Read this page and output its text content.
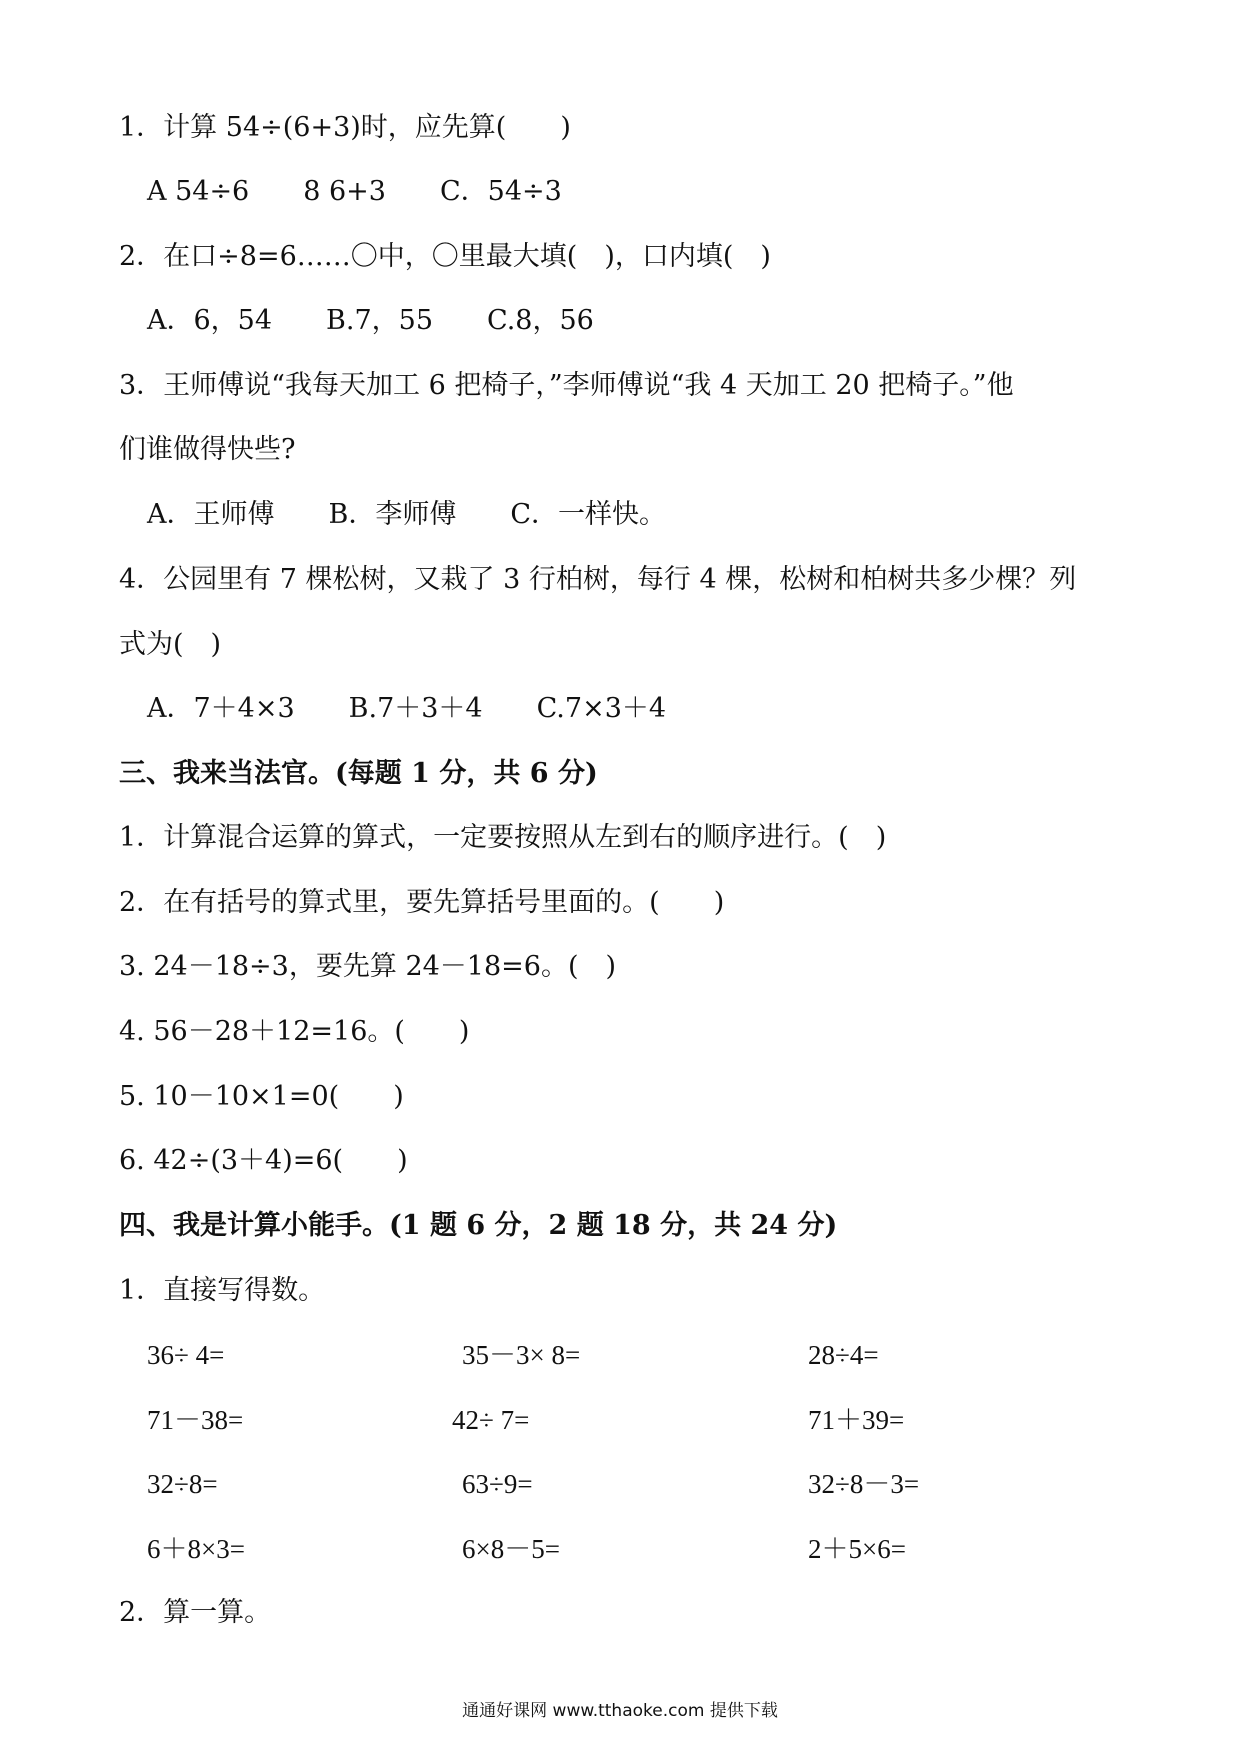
1．计算 54÷(6+3)时，应先算(　　)
A 54÷6　　8 6+3　　C．54÷3
2．在口÷8=6……〇中，〇里最大填(　)，口内填(　)
A．6，54　　B.7，55　　C.8，56
3．王师傅说“我每天加工 6 把椅子，”李师傅说“我 4 天加工 20 把椅子。”他
们谁做得快些?
A．王师傅　　B．李师傅　　C．一样快。
4．公园里有 7 棵松树，又栽了 3 行柏树，每行 4 棵，松树和柏树共多少棵？列
式为(　)
A．7＋4×3　　B.7＋3＋4　　C.7×3＋4
三、我来当法官。(每题 1 分，共 6 分)
1．计算混合运算的算式，一定要按照从左到右的顺序进行。(　)
2．在有括号的算式里，要先算括号里面的。(　　)
3. 24－18÷3，要先算 24－18=6。(　)
4. 56－28＋12=16。(　　)
5. 10－10×1=0(　　)
6. 42÷(3＋4)=6(　　)
四、我是计算小能手。(1 题 6 分，2 题 18 分，共 24 分)
1．直接写得数。
36÷ 4=	35－3× 8=	28÷4=
71－38=	42÷ 7=	71＋39=
32÷8=	63÷9=	32÷8－3=
6＋8×3=	6×8－5=	2＋5×6=
2．算一算。
通通好课网 www.tthaoke.com 提供下载
